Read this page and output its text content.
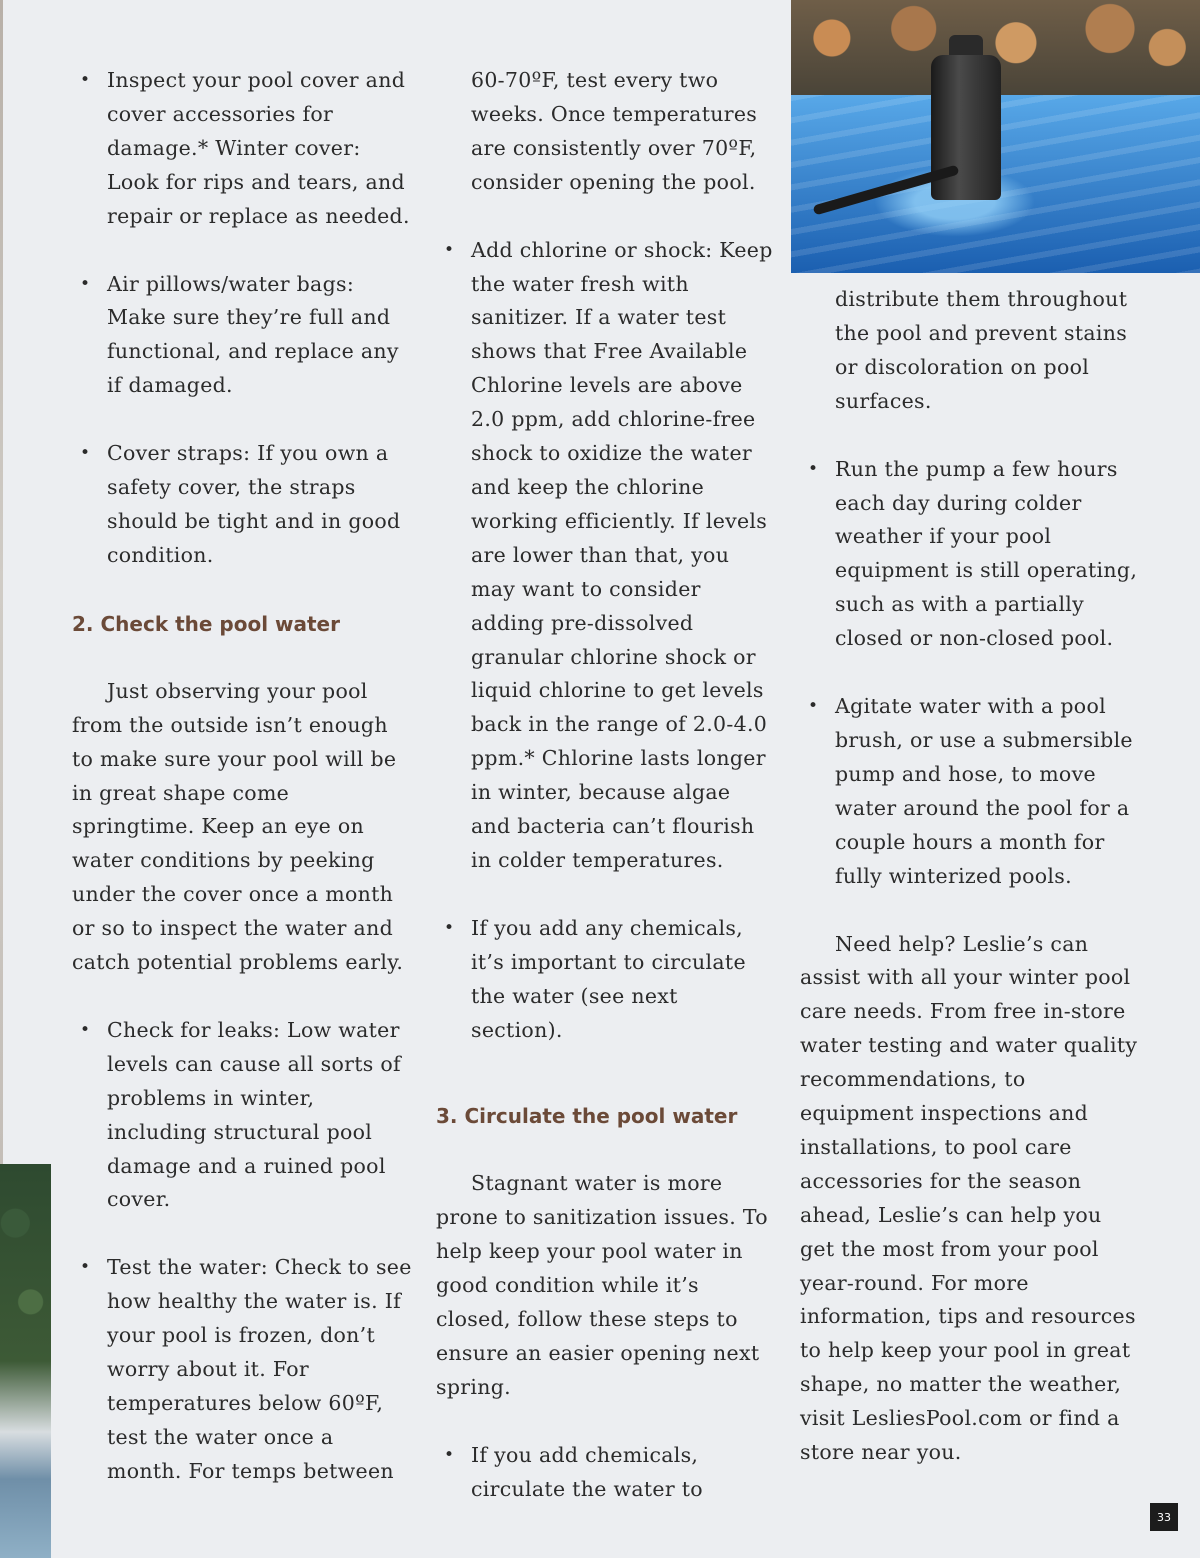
• Inspect your pool cover and cover accessories for damage.* Winter cover: Look for rips and tears, and repair or replace as needed.
• Air pillows/water bags: Make sure they’re full and functional, and replace any if damaged.
• Cover straps: If you own a safety cover, the straps should be tight and in good condition.
2. Check the pool water

Just observing your pool from the outside isn’t enough to make sure your pool will be in great shape come springtime. Keep an eye on water conditions by peeking under the cover once a month or so to inspect the water and catch potential problems early.

• Check for leaks: Low water levels can cause all sorts of problems in winter, including structural pool damage and a ruined pool cover.
• Test the water: Check to see how healthy the water is. If your pool is frozen, don’t worry about it. For temperatures below 60ºF, test the water once a month. For temps between
60-70ºF, test every two weeks. Once temperatures are consistently over 70ºF, consider opening the pool.
• Add chlorine or shock: Keep the water fresh with sanitizer. If a water test shows that Free Available Chlorine levels are above 2.0 ppm, add chlorine-free shock to oxidize the water and keep the chlorine working efficiently. If levels are lower than that, you may want to consider adding pre-dissolved granular chlorine shock or liquid chlorine to get levels back in the range of 2.0-4.0 ppm.* Chlorine lasts longer in winter, because algae and bacteria can’t flourish in colder temperatures.
• If you add any chemicals, it’s important to circulate the water (see next section).
3. Circulate the pool water

Stagnant water is more prone to sanitization issues. To help keep your pool water in good condition while it’s closed, follow these steps to ensure an easier opening next spring.

• If you add chemicals, circulate the water to
distribute them throughout the pool and prevent stains or discoloration on pool surfaces.
• Run the pump a few hours each day during colder weather if your pool equipment is still operating, such as with a partially closed or non-closed pool.
• Agitate water with a pool brush, or use a submersible pump and hose, to move water around the pool for a couple hours a month for fully winterized pools.

Need help? Leslie’s can assist with all your winter pool care needs. From free in-store water testing and water quality recommendations, to equipment inspections and installations, to pool care accessories for the season ahead, Leslie’s can help you get the most from your pool year-round. For more information, tips and resources to help keep your pool in great shape, no matter the weather, visit LesliesPool.com or find a store near you.

33
